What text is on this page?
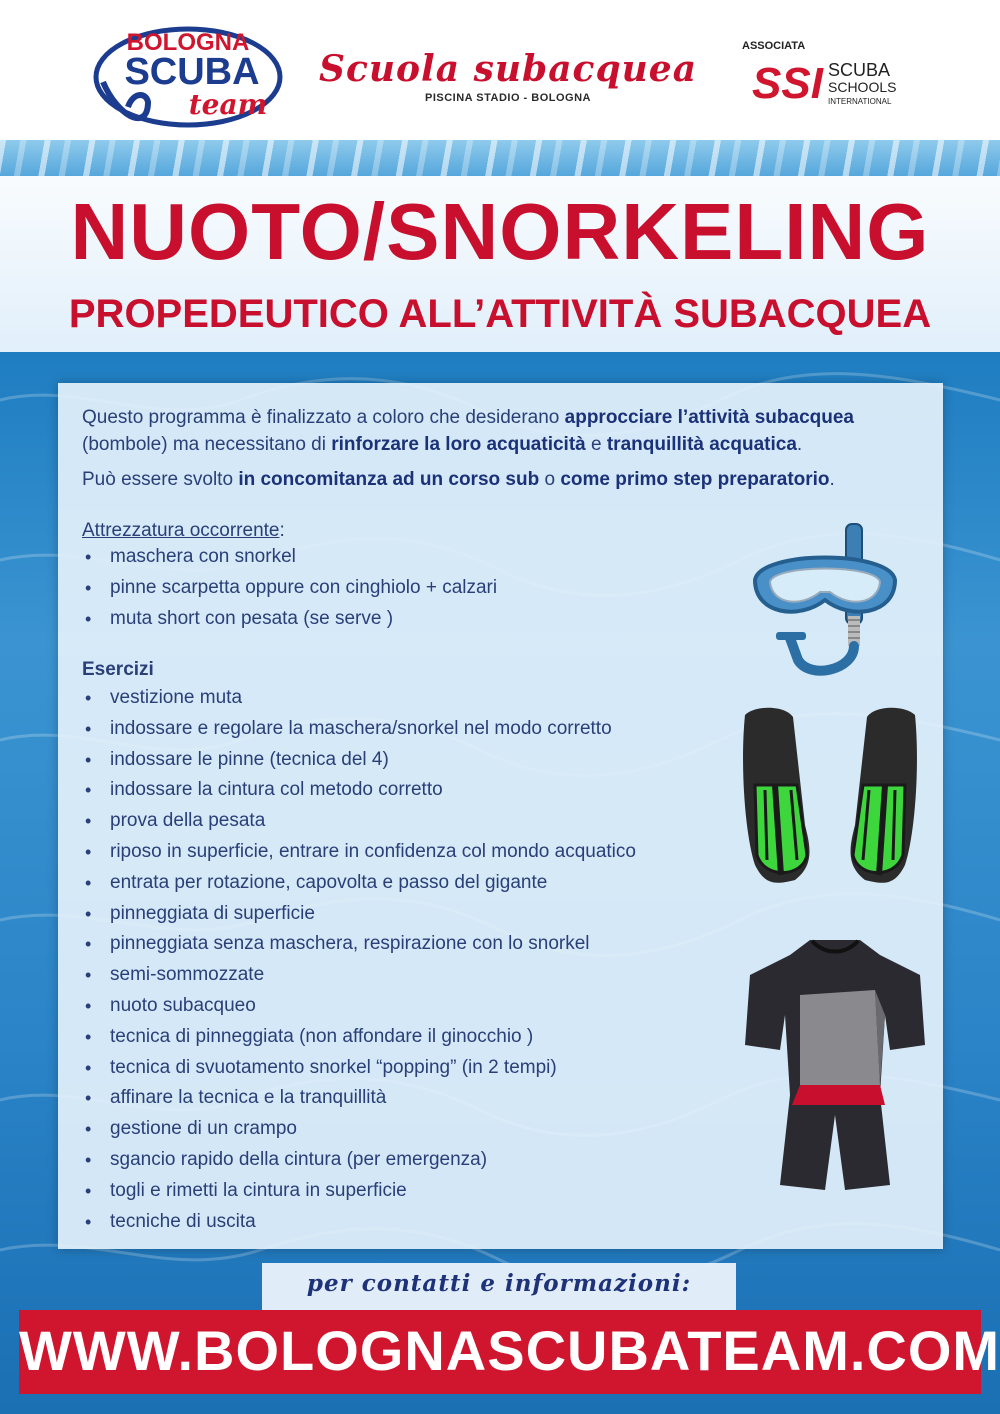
BOLOGNA
SCUBA
team
Scuola subacquea
PISCINA STADIO - BOLOGNA
ASSOCIATA
SSI SCUBA
SCHOOLS
INTERNATIONAL
NUOTO/SNORKELING
PROPEDEUTICO ALL’ATTIVITÀ SUBACQUEA
Questo programma è finalizzato a coloro che desiderano approcciare l’attività subacquea (bombole) ma necessitano di rinforzare la loro acquaticità e tranquillità acquatica.
Può essere svolto in concomitanza ad un corso sub o come primo step preparatorio.
Attrezzatura occorrente:
• maschera con snorkel
• pinne scarpetta oppure con cinghiolo + calzari
• muta short con pesata (se serve )
Esercizi
• vestizione muta
• indossare e regolare la maschera/snorkel nel modo corretto
• indossare le pinne (tecnica del 4)
• indossare la cintura col metodo corretto
• prova della pesata
• riposo in superficie, entrare in confidenza col mondo acquatico
• entrata per rotazione, capovolta e passo del gigante
• pinneggiata di superficie
• pinneggiata senza maschera, respirazione con lo snorkel
• semi-sommozzate
• nuoto subacqueo
• tecnica di pinneggiata (non affondare il ginocchio )
• tecnica di svuotamento snorkel “popping” (in 2 tempi)
• affinare la tecnica e la tranquillità
• gestione di un crampo
• sgancio rapido della cintura (per emergenza)
• togli e rimetti la cintura in superficie
• tecniche di uscita
per contatti e informazioni:
WWW.BOLOGNASCUBATEAM.COM
